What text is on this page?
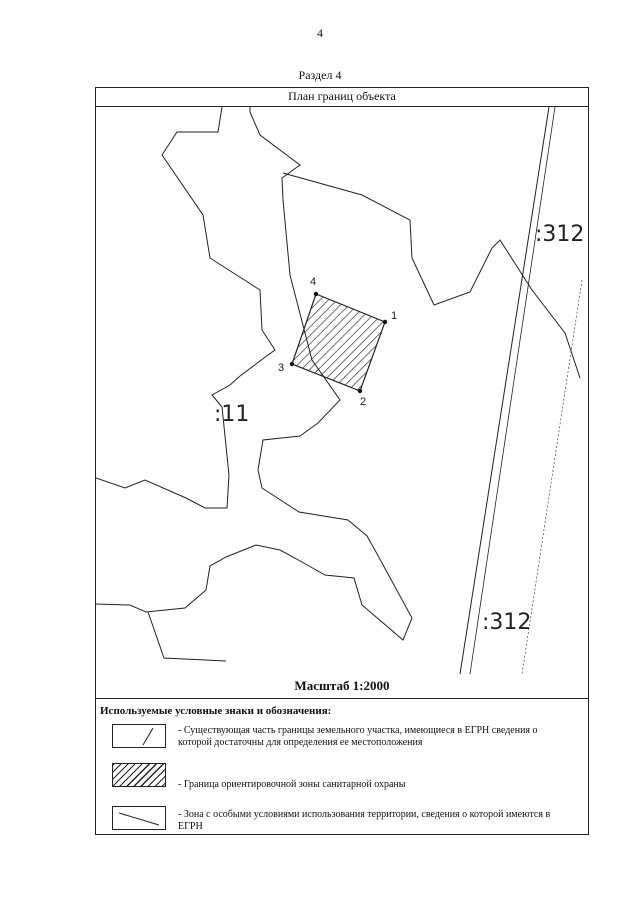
4
Раздел 4
План границ объекта
:312
:11
:312
1
2
3
4
Масштаб 1:2000
Используемые условные знаки и обозначения:
- Существующая часть границы земельного участка, имеющиеся в ЕГРН сведения о которой достаточны для определения ее местоположения
- Граница ориентировочной зоны санитарной охраны
- Зона с особыми условиями использования территории, сведения о которой имеются в ЕГРН
